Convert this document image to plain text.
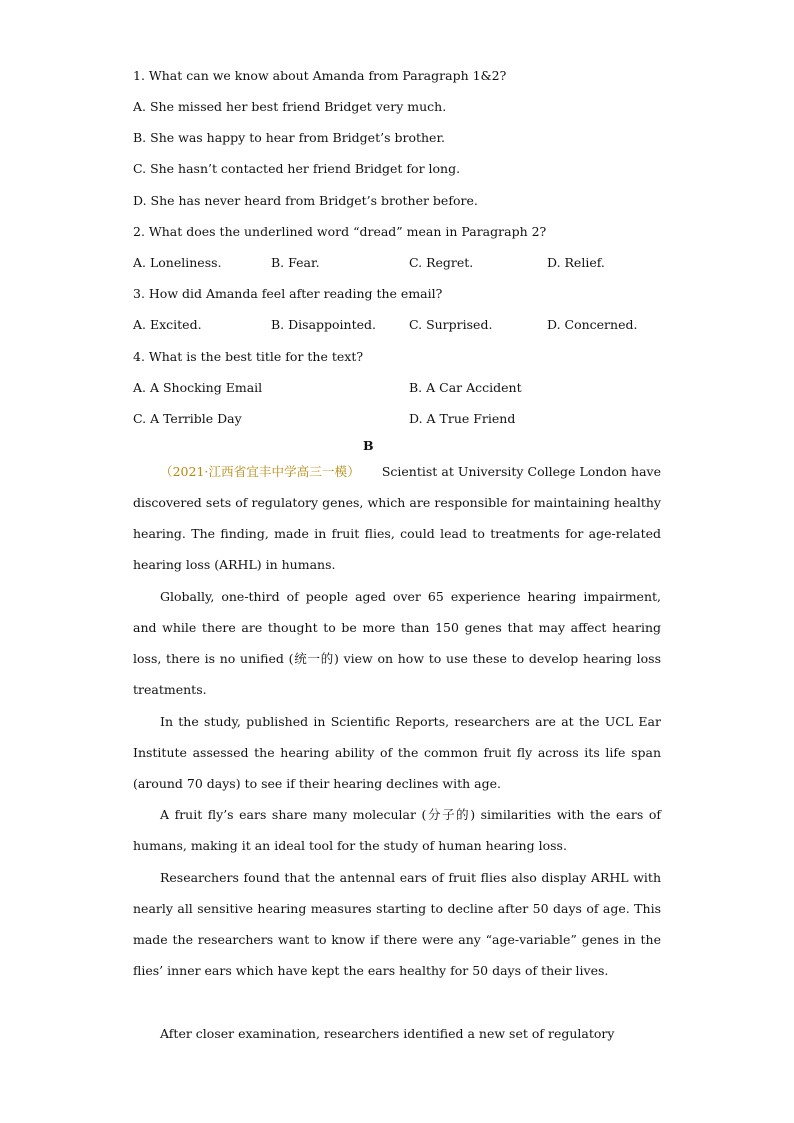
1. What can we know about Amanda from Paragraph 1&2?
A. She missed her best friend Bridget very much.
B. She was happy to hear from Bridget’s brother.
C. She hasn’t contacted her friend Bridget for long.
D. She has never heard from Bridget’s brother before.
2. What does the underlined word “dread” mean in Paragraph 2?
A. Loneliness.	B. Fear.	C. Regret.	D. Relief.
3. How did Amanda feel after reading the email?
A. Excited.	B. Disappointed.	C. Surprised.	D. Concerned.
4. What is the best title for the text?
A. A Shocking Email	B. A Car Accident
C. A Terrible Day	D. A True Friend
B
（2021·江西省宜丰中学高三一模） Scientist at University College London have discovered sets of regulatory genes, which are responsible for maintaining healthy hearing. The finding, made in fruit flies, could lead to treatments for age-related hearing loss (ARHL) in humans.
Globally, one-third of people aged over 65 experience hearing impairment, and while there are thought to be more than 150 genes that may affect hearing loss, there is no unified (统一的) view on how to use these to develop hearing loss treatments.
In the study, published in Scientific Reports, researchers are at the UCL Ear Institute assessed the hearing ability of the common fruit fly across its life span (around 70 days) to see if their hearing declines with age.
A fruit fly’s ears share many molecular (分子的) similarities with the ears of humans, making it an ideal tool for the study of human hearing loss.
Researchers found that the antennal ears of fruit flies also display ARHL with nearly all sensitive hearing measures starting to decline after 50 days of age. This made the researchers want to know if there were any “age-variable” genes in the flies’ inner ears which have kept the ears healthy for 50 days of their lives.
After closer examination, researchers identified a new set of regulatory
